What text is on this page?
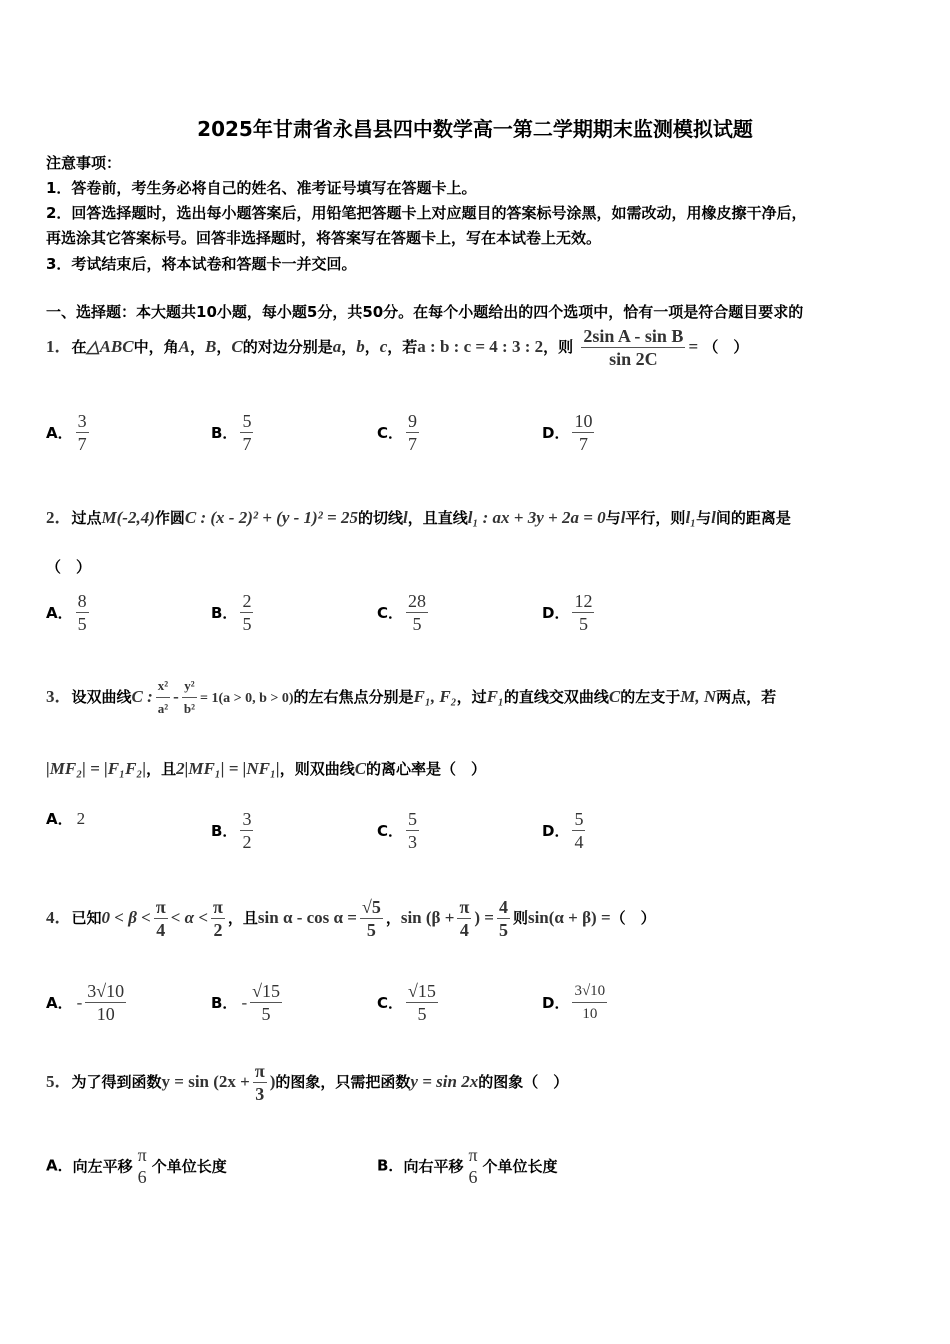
2025年甘肃省永昌县四中数学高一第二学期期末监测模拟试题
注意事项：
1．答卷前，考生务必将自己的姓名、准考证号填写在答题卡上。
2．回答选择题时，选出每小题答案后，用铅笔把答题卡上对应题目的答案标号涂黑，如需改动，用橡皮擦干净后，
再选涂其它答案标号。回答非选择题时，将答案写在答题卡上，写在本试卷上无效。
3．考试结束后，将本试卷和答题卡一并交回。
一、选择题：本大题共10小题，每小题5分，共50分。在每个小题给出的四个选项中，恰有一项是符合题目要求的
1．在△ABC中，角A，B，C的对边分别是a，b，c，若a : b : c = 4 : 3 : 2，则 $\frac{\text{2sin A - sin B}}{\sin 2C}$ = （　）
A． $\frac{3}{7}$	B． $\frac{5}{7}$	C． $\frac{9}{7}$	D． $\frac{10}{7}$
2．过点M(-2,4)作圆C : (x - 2)² + (y - 1)² = 25的切线l，且直线l₁ : ax + 3y + 2a = 0与l平行，则l₁与l间的距离是
（　）
A． $\frac{8}{5}$	B． $\frac{2}{5}$	C． $\frac{28}{5}$	D． $\frac{12}{5}$
3．设双曲线C : $\frac{\text{x²}}{\text{a²}} - \frac{\text{y²}}{\text{b²}} = 1(a > 0$, b > 0)的左右焦点分别是F₁, F₂，过F₁的直线交双曲线C的左支于M, N两点，若
|MF₂| = |F₁F₂|，且2|MF₁| = |NF₁|，则双曲线C的离心率是（　）
A． 2
B． $\frac{3}{2}$	C． $\frac{5}{3}$	D． $\frac{5}{4}$
4．已知$0 < \beta < \frac{\pi}{4} < \alpha < \frac{\pi}{2}$ ，且$\sin \alpha - \cos \alpha = \frac{√5}{5}$ ，$\sin (\beta + \frac{\pi}{4}$ ) = $\frac{4}{5}$ 则sin(α + β) =（　）
A． - $\frac{3√10}{10}$	B． - $\frac{√15}{5}$	C． $\frac{√15}{5}$	D． $\frac{3√10}{10}$
5．为了得到函数$y = \sin (2x + \frac{\pi}{3}$ )的图象，只需把函数y = sin 2x的图象（　）
A．向左平移
π
6
个单位长度	B．向右平移
π
6
个单位长度
